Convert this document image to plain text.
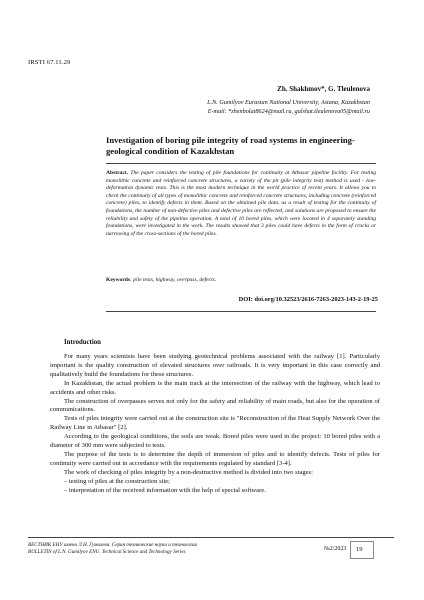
IRSTI 67.11.29
Zh. Shakhmov*, G. Tleulenova
L.N. Gumilyov Eurasian National University, Astana, Kazakhstan
E-mail: *zhenbolat8624@mail.ru, gulshat.tleulenova05@mail.ru
Investigation of boring pile integrity of road systems in engineering-geological condition of Kazakhstan
Abstract. The paper considers the testing of pile foundations for continuity at Atbasar pipeline facility. For testing monolithic concrete and reinforced concrete structures, a variety of the pit (pile integrity test) method is used - low-deformation dynamic tests. This is the most modern technique in the world practice of recent years. It allows you to check the continuity of all types of monolithic concrete and reinforced concrete structures, including concrete (reinforced concrete) piles, to identify defects in them. Based on the obtained pile data, as a result of testing for the continuity of foundations, the number of non-defective piles and defective piles are reflected, and solutions are proposed to ensure the reliability and safety of the pipeline operation. A total of 10 bored piles, which were located in 4 separately standing foundations, were investigated in the work. The results showed that 3 piles could have defects in the form of cracks or narrowing of the cross-sections of the bored piles.
Keywords: pile tests, highway, overpass, defects.
DOI: doi.org/10.32523/2616-7263-2023-143-2-19-25
Introduction

For many years scientists have been studying geotechnical problems associated with the railway [1]. Particularly important is the quality construction of elevated structures over railroads. It is very important in this case correctly and qualitatively build the foundations for these structures.

In Kazakhstan, the actual problem is the main track at the intersection of the railway with the highway, which lead to accidents and other risks.

The construction of overpasses serves not only for the safety and reliability of main roads, but also for the operation of communications.

Tests of piles integrity were carried out at the construction site is "Reconstruction of the Heat Supply Network Over the Railway Line in Atbasar" [2].

According to the geological conditions, the soils are weak. Bored piles were used in the project: 10 bored piles with a diameter of 300 mm were subjected to tests.

The purpose of the tests is to determine the depth of immersion of piles and to identify defects. Tests of piles for continuity were carried out in accordance with the requirements regulated by standard [3-4].

The work of checking of piles integrity by a non-destructive method is divided into two stages:

– testing of piles at the construction site;

– interpretation of the received information with the help of special software.

ВЕСТНИК ЕНУ имени Л.Н. Гумилева. Серия технические науки и технологии
BULLETIN of L.N. Gumilyov ENU. Technical Science and Technology Series	№2/2023 19
